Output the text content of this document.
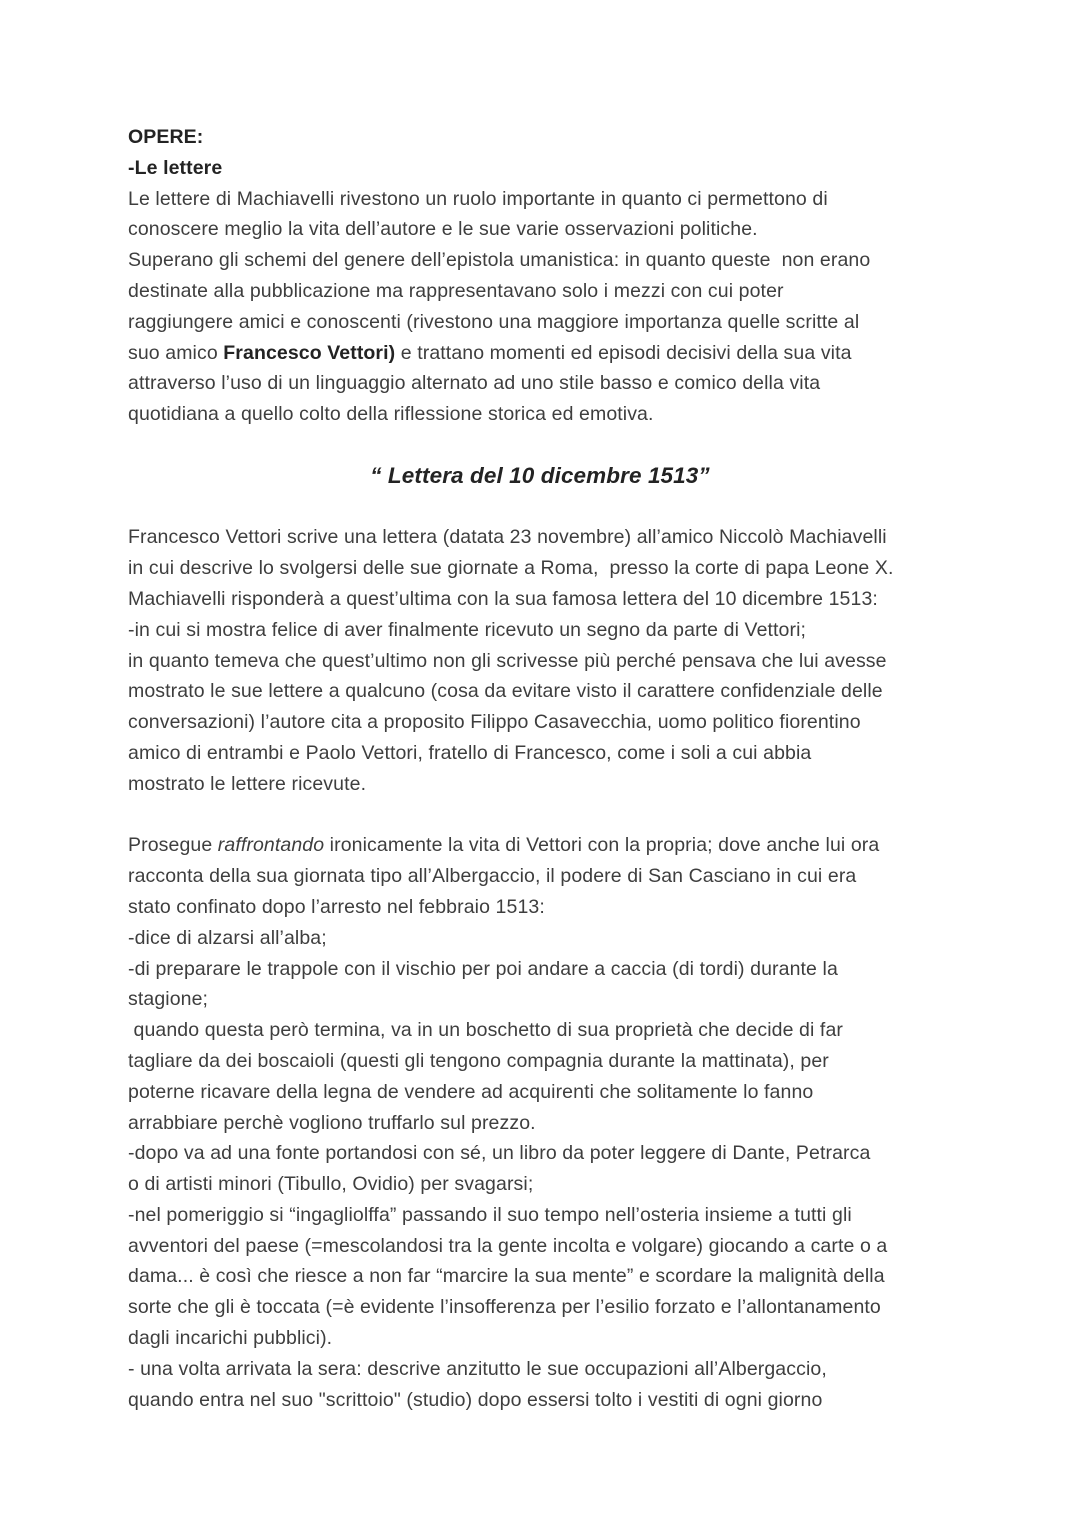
OPERE:
-Le lettere
Le lettere di Machiavelli rivestono un ruolo importante in quanto ci permettono di
conoscere meglio la vita dell’autore e le sue varie osservazioni politiche.
Superano gli schemi del genere dell’epistola umanistica: in quanto queste  non erano
destinate alla pubblicazione ma rappresentavano solo i mezzi con cui poter
raggiungere amici e conoscenti (rivestono una maggiore importanza quelle scritte al
suo amico Francesco Vettori) e trattano momenti ed episodi decisivi della sua vita
attraverso l’uso di un linguaggio alternato ad uno stile basso e comico della vita
quotidiana a quello colto della riflessione storica ed emotiva.
“ Lettera del 10 dicembre 1513”
Francesco Vettori scrive una lettera (datata 23 novembre) all’amico Niccolò Machiavelli
in cui descrive lo svolgersi delle sue giornate a Roma,  presso la corte di papa Leone X.
Machiavelli risponderà a quest’ultima con la sua famosa lettera del 10 dicembre 1513:
-in cui si mostra felice di aver finalmente ricevuto un segno da parte di Vettori;
in quanto temeva che quest’ultimo non gli scrivesse più perché pensava che lui avesse
mostrato le sue lettere a qualcuno (cosa da evitare visto il carattere confidenziale delle
conversazioni) l’autore cita a proposito Filippo Casavecchia, uomo politico fiorentino
amico di entrambi e Paolo Vettori, fratello di Francesco, come i soli a cui abbia
mostrato le lettere ricevute.
Prosegue raffrontando ironicamente la vita di Vettori con la propria; dove anche lui ora
racconta della sua giornata tipo all’Albergaccio, il podere di San Casciano in cui era
stato confinato dopo l’arresto nel febbraio 1513:
-dice di alzarsi all’alba;
-di preparare le trappole con il vischio per poi andare a caccia (di tordi) durante la
stagione;
quando questa però termina, va in un boschetto di sua proprietà che decide di far
tagliare da dei boscaioli (questi gli tengono compagnia durante la mattinata), per
poterne ricavare della legna de vendere ad acquirenti che solitamente lo fanno
arrabbiare perchè vogliono truffarlo sul prezzo.
-dopo va ad una fonte portandosi con sé, un libro da poter leggere di Dante, Petrarca
o di artisti minori (Tibullo, Ovidio) per svagarsi;
-nel pomeriggio si “ingagliolffa” passando il suo tempo nell’osteria insieme a tutti gli
avventori del paese (=mescolandosi tra la gente incolta e volgare) giocando a carte o a
dama... è così che riesce a non far “marcire la sua mente” e scordare la malignità della
sorte che gli è toccata (=è evidente l’insofferenza per l’esilio forzato e l’allontanamento
dagli incarichi pubblici).
- una volta arrivata la sera: descrive anzitutto le sue occupazioni all’Albergaccio,
quando entra nel suo "scrittoio" (studio) dopo essersi tolto i vestiti di ogni giorno
